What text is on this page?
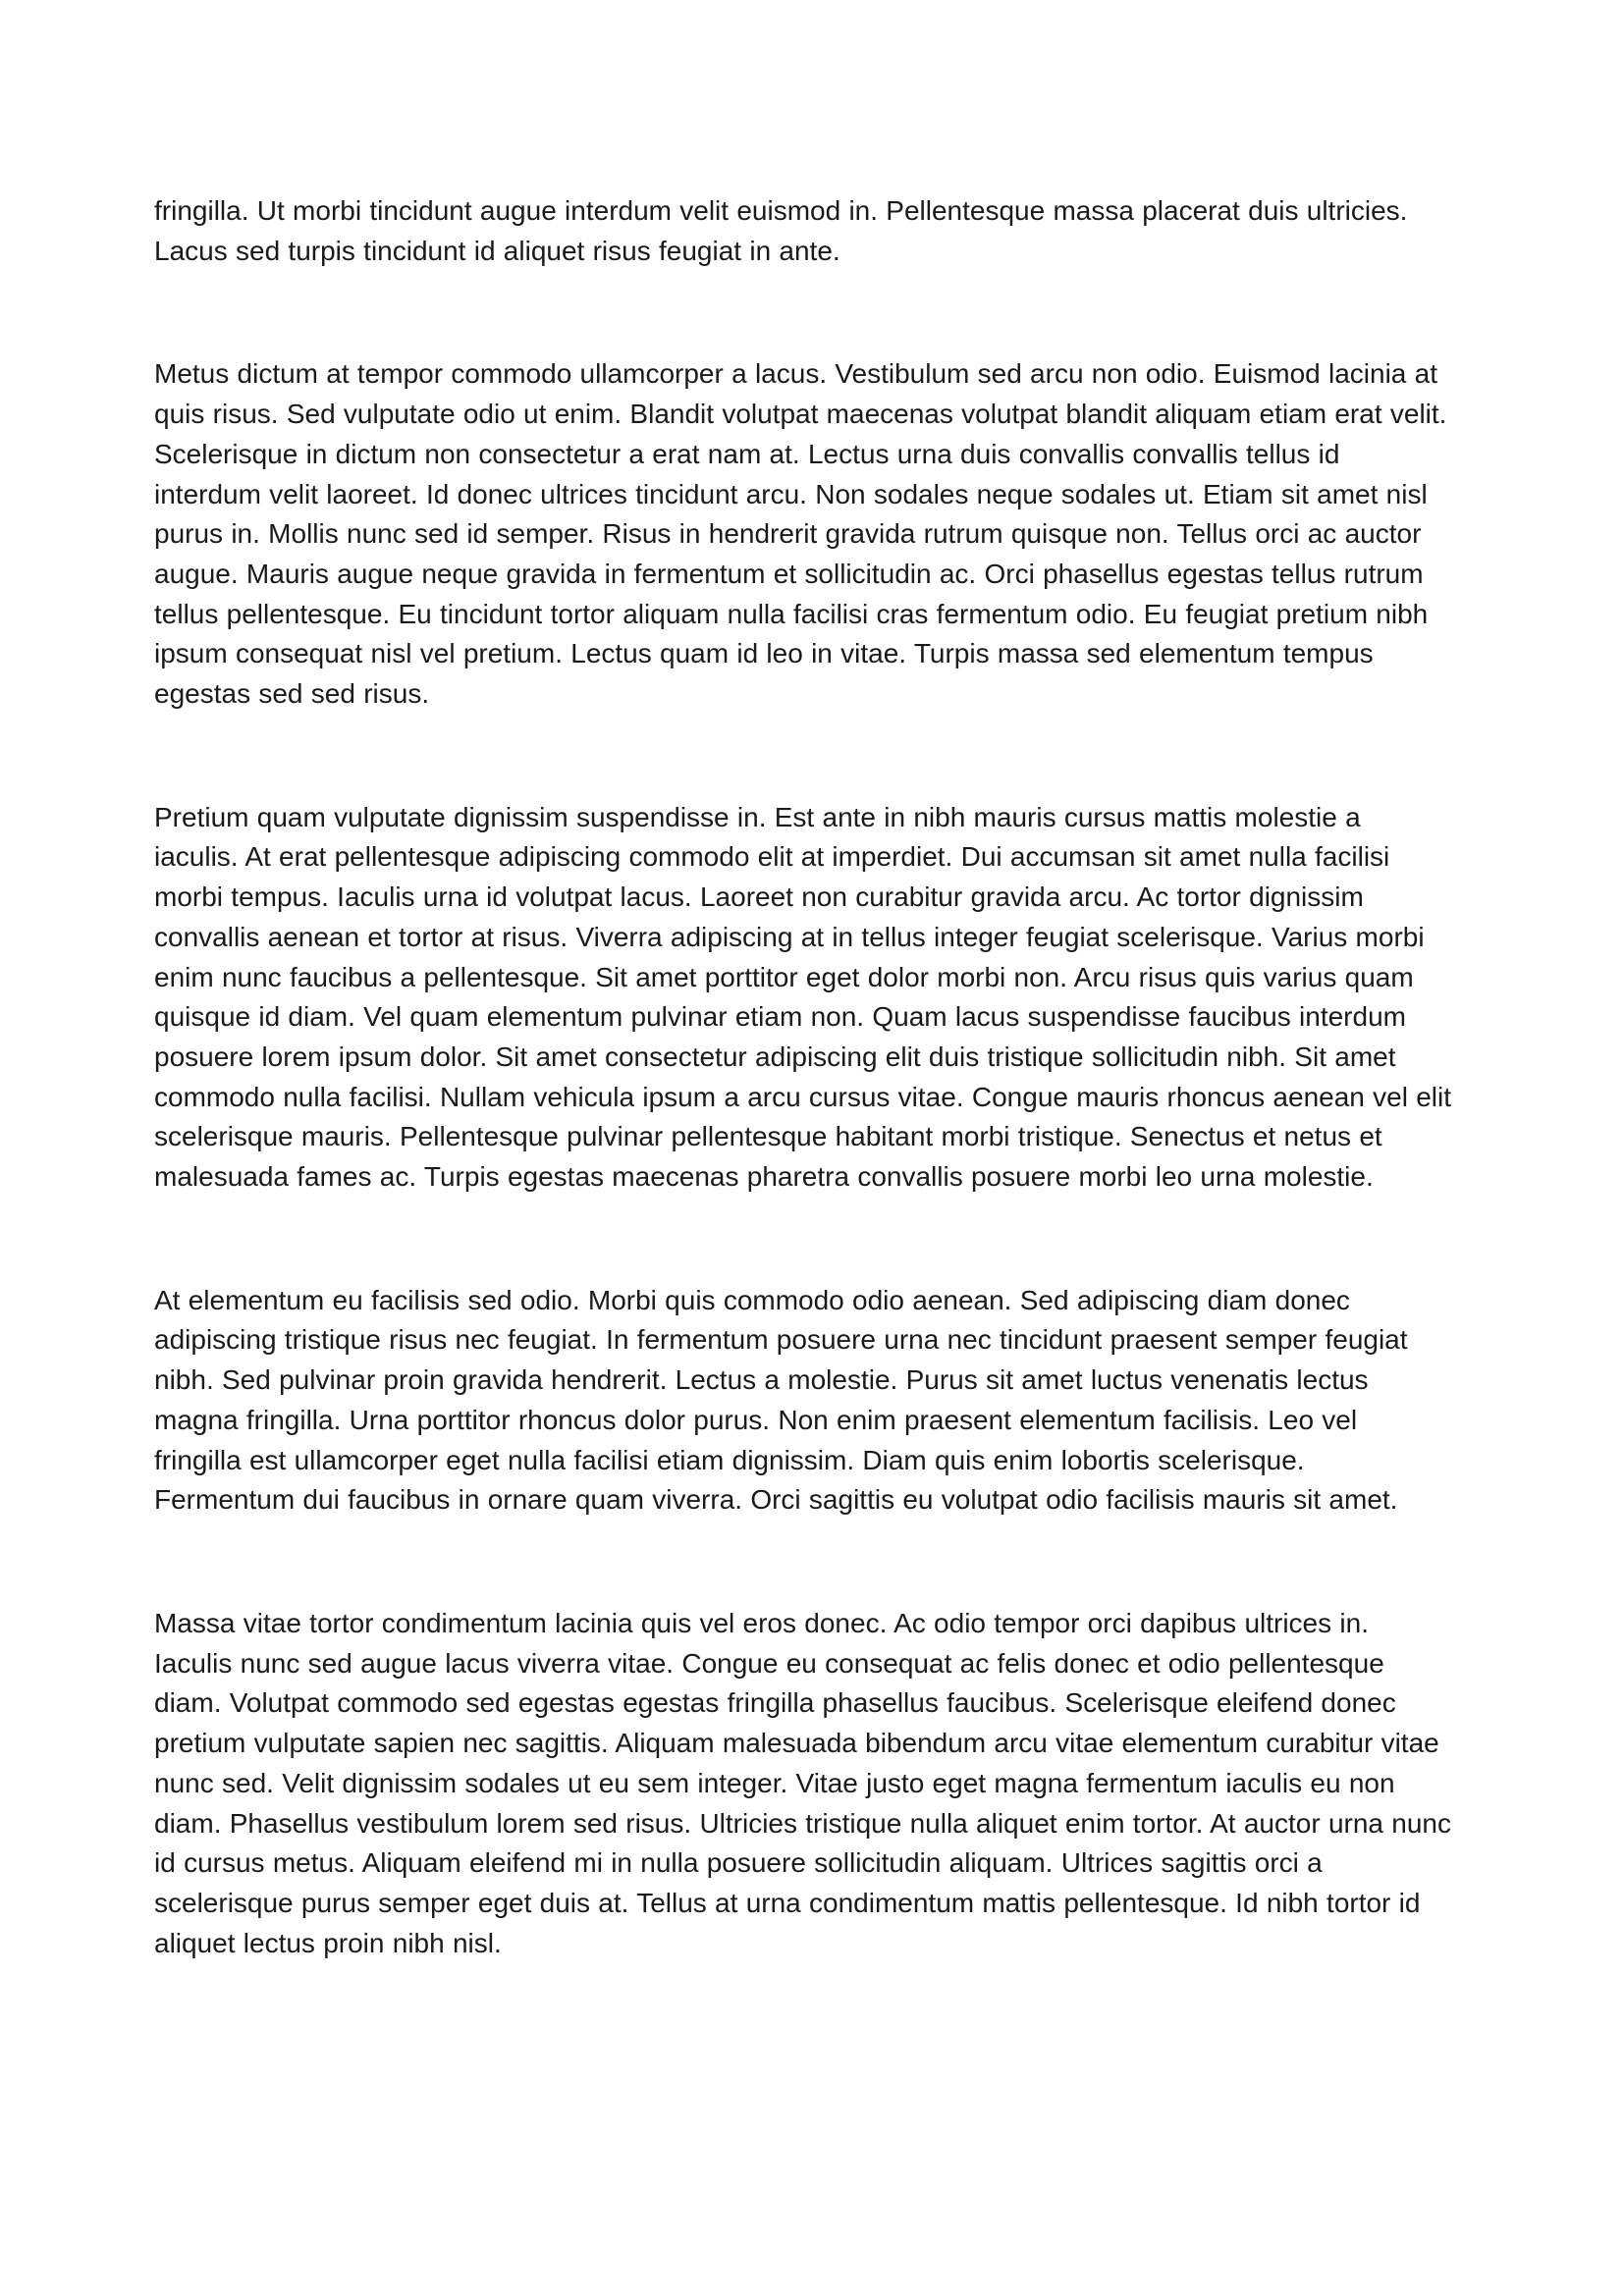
fringilla. Ut morbi tincidunt augue interdum velit euismod in. Pellentesque massa placerat duis ultricies. Lacus sed turpis tincidunt id aliquet risus feugiat in ante.

Metus dictum at tempor commodo ullamcorper a lacus. Vestibulum sed arcu non odio. Euismod lacinia at quis risus. Sed vulputate odio ut enim. Blandit volutpat maecenas volutpat blandit aliquam etiam erat velit. Scelerisque in dictum non consectetur a erat nam at. Lectus urna duis convallis convallis tellus id interdum velit laoreet. Id donec ultrices tincidunt arcu. Non sodales neque sodales ut. Etiam sit amet nisl purus in. Mollis nunc sed id semper. Risus in hendrerit gravida rutrum quisque non. Tellus orci ac auctor augue. Mauris augue neque gravida in fermentum et sollicitudin ac. Orci phasellus egestas tellus rutrum tellus pellentesque. Eu tincidunt tortor aliquam nulla facilisi cras fermentum odio. Eu feugiat pretium nibh ipsum consequat nisl vel pretium. Lectus quam id leo in vitae. Turpis massa sed elementum tempus egestas sed sed risus.

Pretium quam vulputate dignissim suspendisse in. Est ante in nibh mauris cursus mattis molestie a iaculis. At erat pellentesque adipiscing commodo elit at imperdiet. Dui accumsan sit amet nulla facilisi morbi tempus. Iaculis urna id volutpat lacus. Laoreet non curabitur gravida arcu. Ac tortor dignissim convallis aenean et tortor at risus. Viverra adipiscing at in tellus integer feugiat scelerisque. Varius morbi enim nunc faucibus a pellentesque. Sit amet porttitor eget dolor morbi non. Arcu risus quis varius quam quisque id diam. Vel quam elementum pulvinar etiam non. Quam lacus suspendisse faucibus interdum posuere lorem ipsum dolor. Sit amet consectetur adipiscing elit duis tristique sollicitudin nibh. Sit amet commodo nulla facilisi. Nullam vehicula ipsum a arcu cursus vitae. Congue mauris rhoncus aenean vel elit scelerisque mauris. Pellentesque pulvinar pellentesque habitant morbi tristique. Senectus et netus et malesuada fames ac. Turpis egestas maecenas pharetra convallis posuere morbi leo urna molestie.

At elementum eu facilisis sed odio. Morbi quis commodo odio aenean. Sed adipiscing diam donec adipiscing tristique risus nec feugiat. In fermentum posuere urna nec tincidunt praesent semper feugiat nibh. Sed pulvinar proin gravida hendrerit. Lectus a molestie. Purus sit amet luctus venenatis lectus magna fringilla. Urna porttitor rhoncus dolor purus. Non enim praesent elementum facilisis. Leo vel fringilla est ullamcorper eget nulla facilisi etiam dignissim. Diam quis enim lobortis scelerisque. Fermentum dui faucibus in ornare quam viverra. Orci sagittis eu volutpat odio facilisis mauris sit amet.

Massa vitae tortor condimentum lacinia quis vel eros donec. Ac odio tempor orci dapibus ultrices in. Iaculis nunc sed augue lacus viverra vitae. Congue eu consequat ac felis donec et odio pellentesque diam. Volutpat commodo sed egestas egestas fringilla phasellus faucibus. Scelerisque eleifend donec pretium vulputate sapien nec sagittis. Aliquam malesuada bibendum arcu vitae elementum curabitur vitae nunc sed. Velit dignissim sodales ut eu sem integer. Vitae justo eget magna fermentum iaculis eu non diam. Phasellus vestibulum lorem sed risus. Ultricies tristique nulla aliquet enim tortor. At auctor urna nunc id cursus metus. Aliquam eleifend mi in nulla posuere sollicitudin aliquam. Ultrices sagittis orci a scelerisque purus semper eget duis at. Tellus at urna condimentum mattis pellentesque. Id nibh tortor id aliquet lectus proin nibh nisl.
